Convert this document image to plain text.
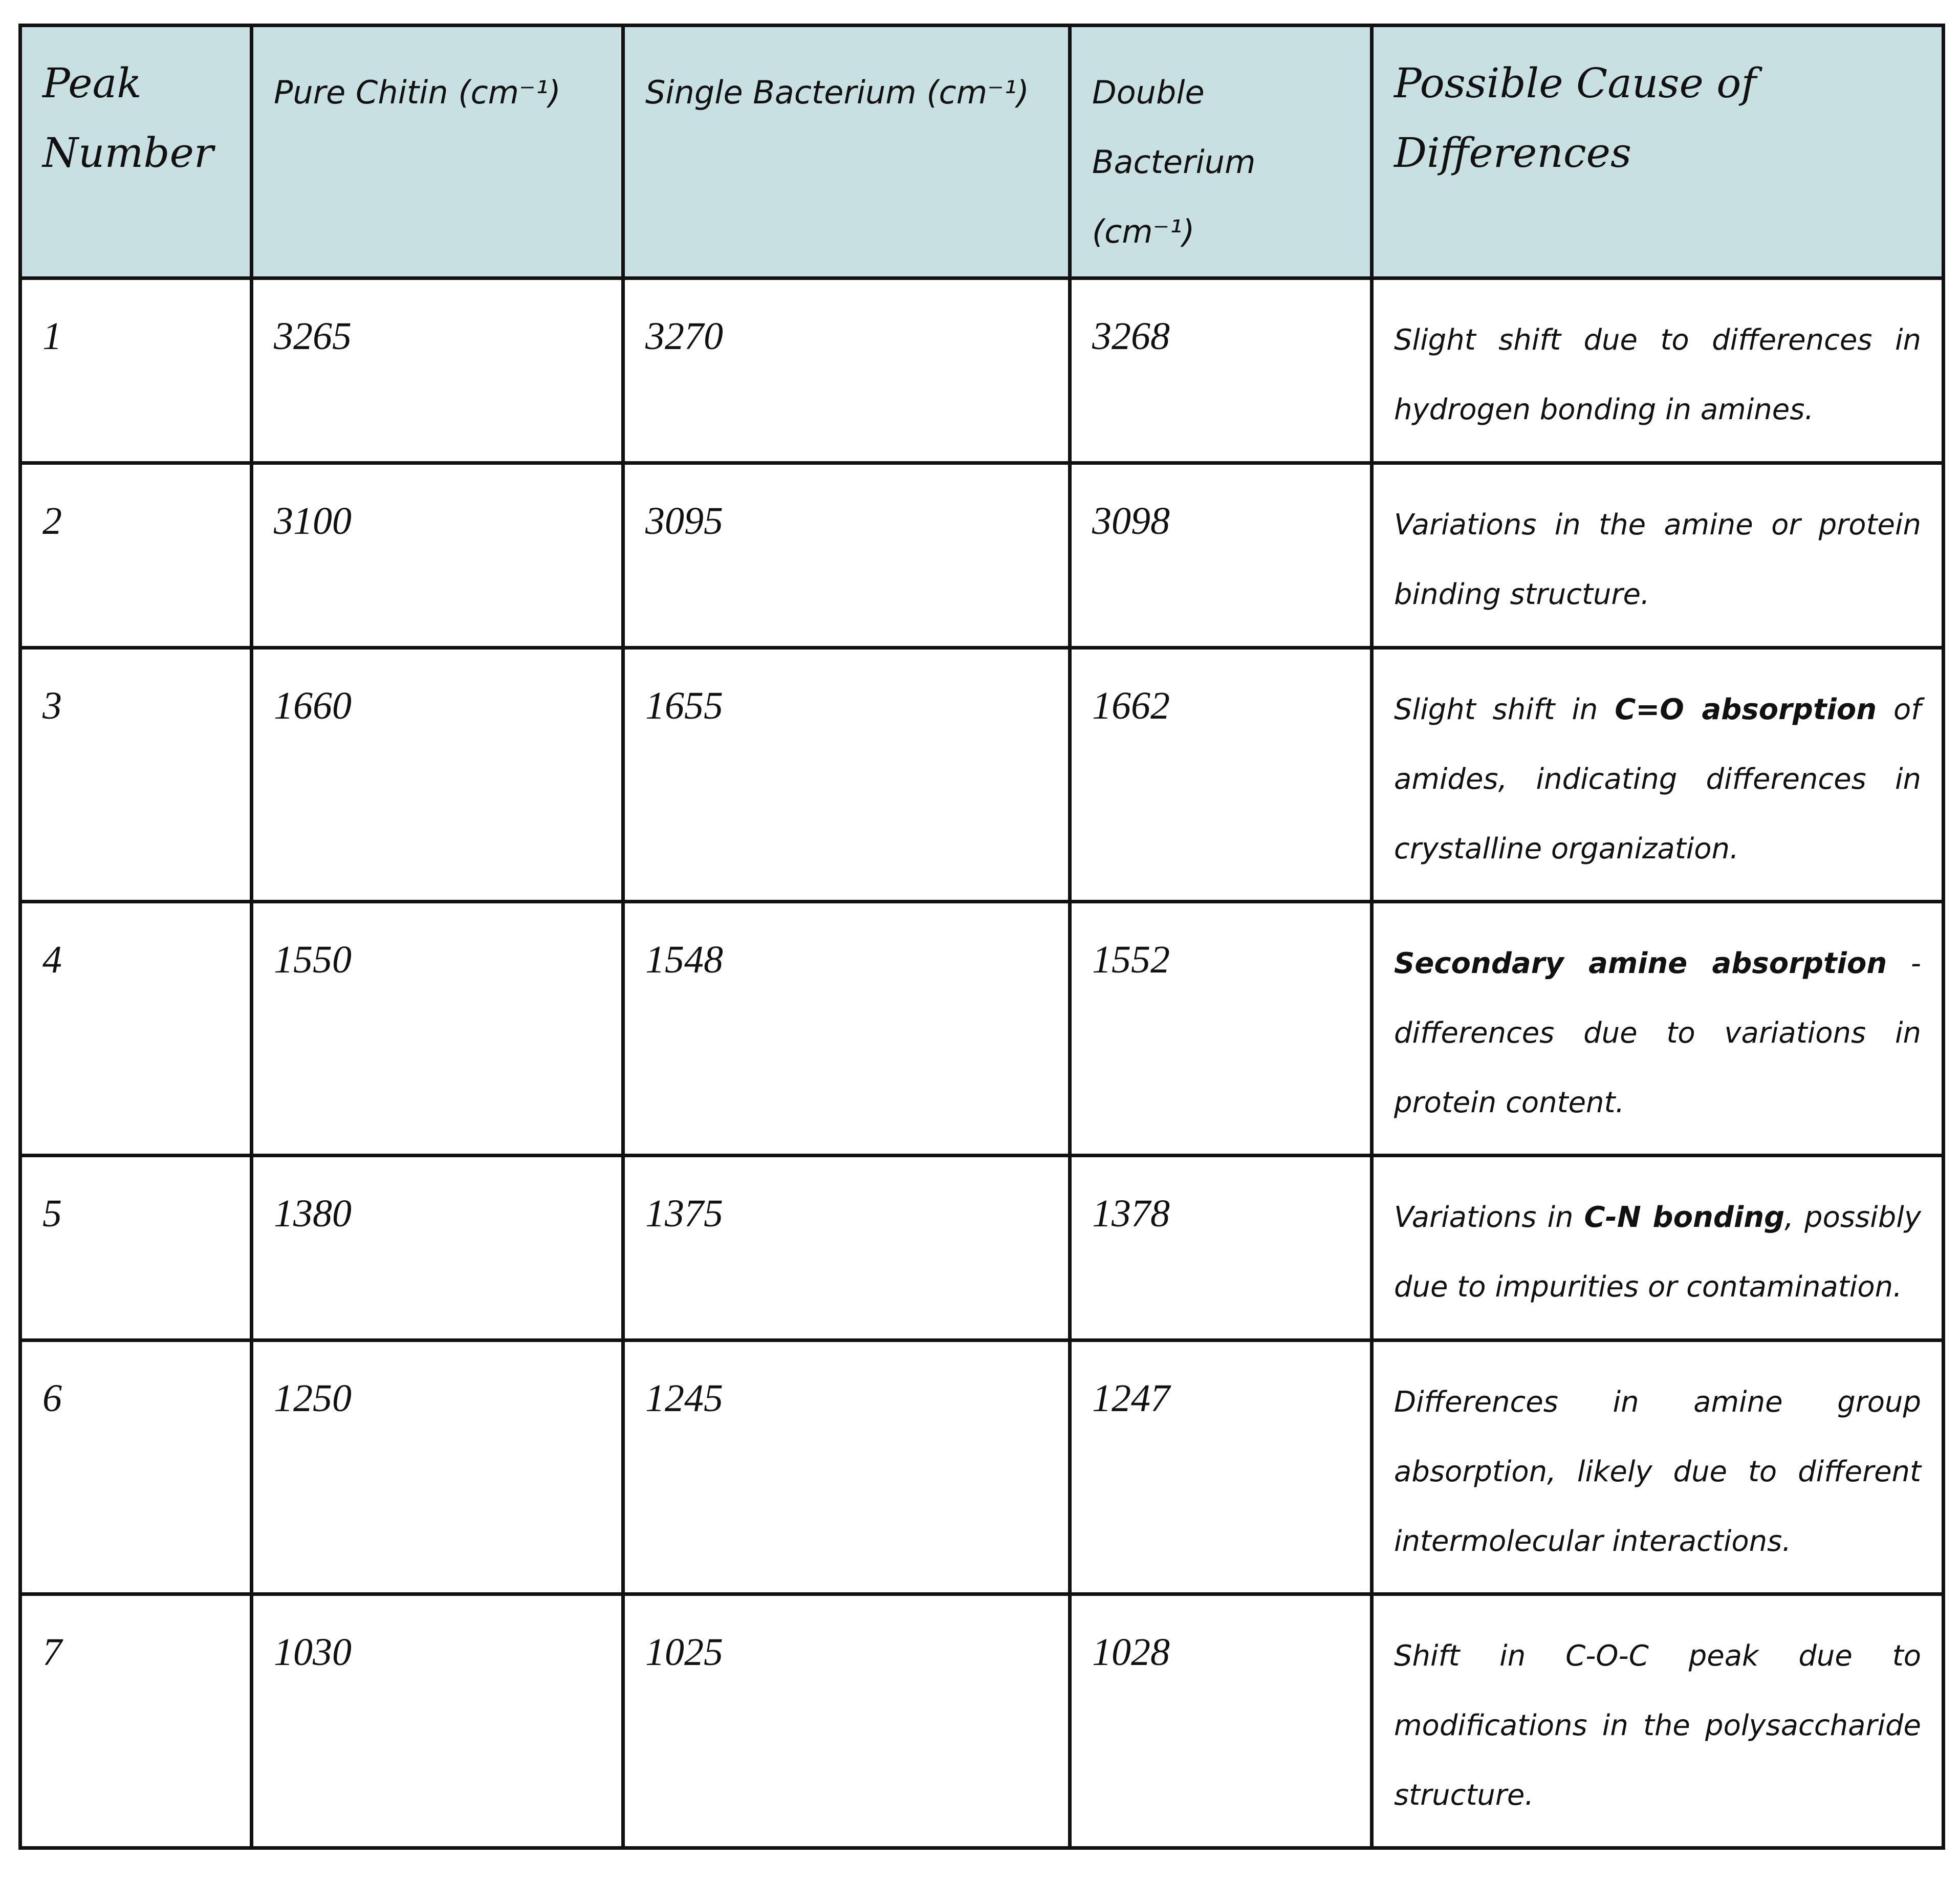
Peak Number	Pure Chitin (cm⁻¹)	Single Bacterium (cm⁻¹)	Double Bacterium (cm⁻¹)	Possible Cause of Differences

1	3265	3270	3268	Slight shift due to differences in hydrogen bonding in amines.

2	3100	3095	3098	Variations in the amine or protein binding structure.

3	1660	1655	1662	Slight shift in C=O absorption of amides, indicating differences in crystalline organization.

4	1550	1548	1552	Secondary amine absorption - differences due to variations in protein content.

5	1380	1375	1378	Variations in C-N bonding, possibly due to impurities or contamination.

6	1250	1245	1247	Differences in amine group absorption, likely due to different intermolecular interactions.

7	1030	1025	1028	Shift in C-O-C peak due to modifications in the polysaccharide structure.
